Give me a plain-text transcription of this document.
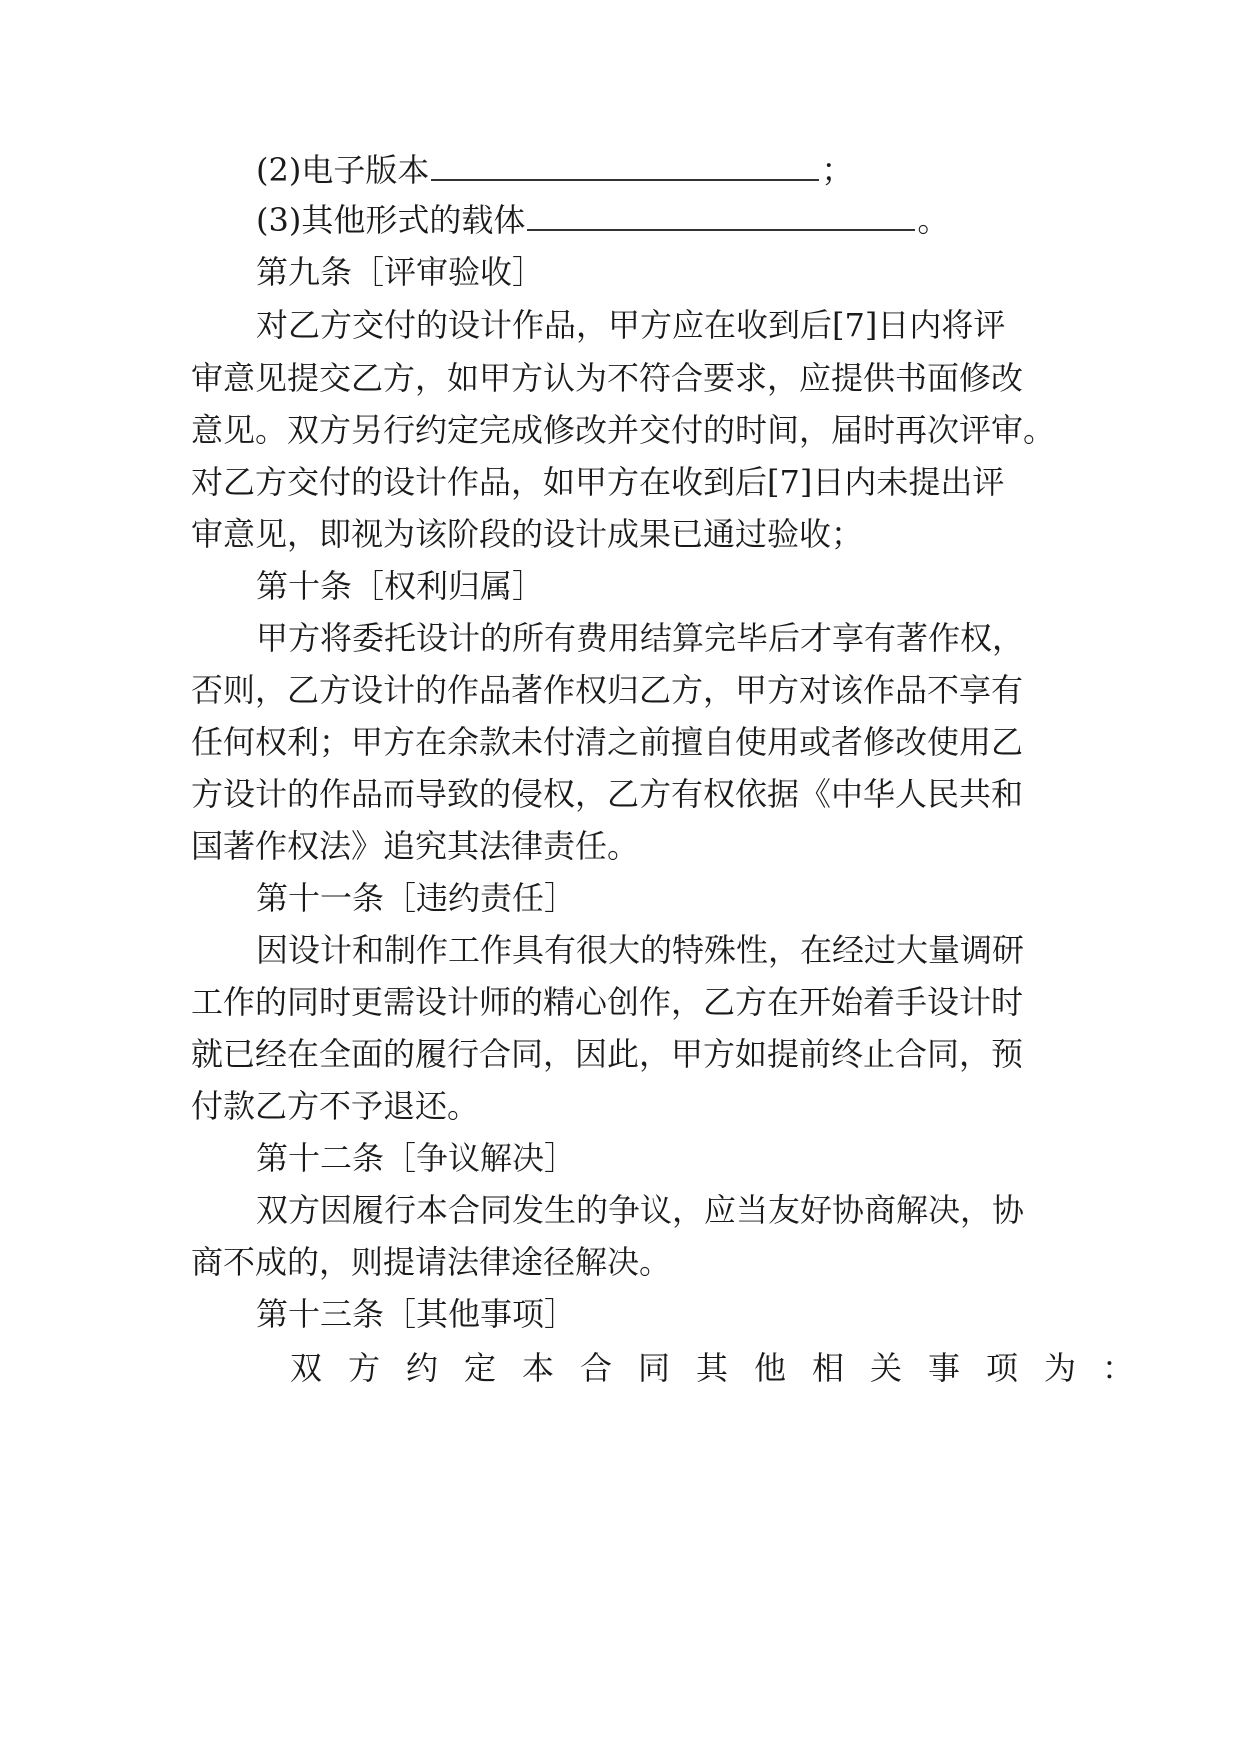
(2)电子版本	；
(3)其他形式的载体	。
第九条［评审验收］
对乙方交付的设计作品，甲方应在收到后[7]日内将评
审意见提交乙方，如甲方认为不符合要求，应提供书面修改
意见。双方另行约定完成修改并交付的时间，届时再次评审。
对乙方交付的设计作品，如甲方在收到后[7]日内未提出评
审意见，即视为该阶段的设计成果已通过验收；
第十条［权利归属］
甲方将委托设计的所有费用结算完毕后才享有著作权，
否则，乙方设计的作品著作权归乙方，甲方对该作品不享有
任何权利；甲方在余款未付清之前擅自使用或者修改使用乙
方设计的作品而导致的侵权，乙方有权依据《中华人民共和
国著作权法》追究其法律责任。
第十一条［违约责任］
因设计和制作工作具有很大的特殊性，在经过大量调研
工作的同时更需设计师的精心创作，乙方在开始着手设计时
就已经在全面的履行合同，因此，甲方如提前终止合同，预
付款乙方不予退还。
第十二条［争议解决］
双方因履行本合同发生的争议，应当友好协商解决，协
商不成的，则提请法律途径解决。
第十三条［其他事项］
双方约定本合同其他相关事项为：
